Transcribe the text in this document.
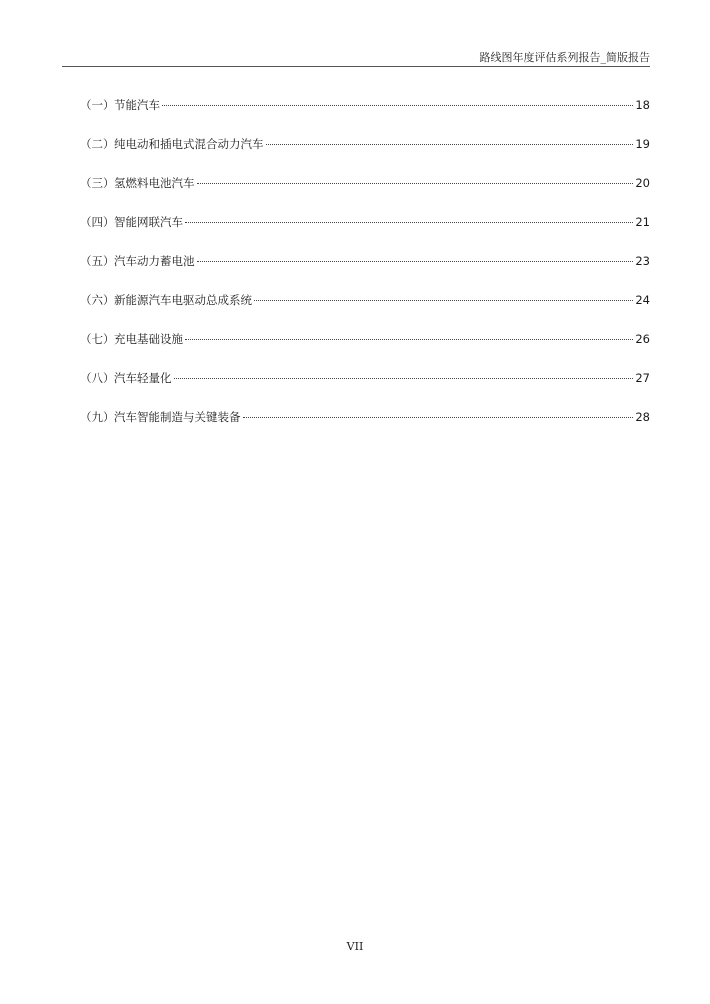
路线图年度评估系列报告_简版报告
（一） 节能汽车	18
（二） 纯电动和插电式混合动力汽车	19
（三） 氢燃料电池汽车	20
（四） 智能网联汽车	21
（五） 汽车动力蓄电池	23
（六） 新能源汽车电驱动总成系统	24
（七） 充电基础设施	26
（八） 汽车轻量化	27
（九） 汽车智能制造与关键装备	28
VII
